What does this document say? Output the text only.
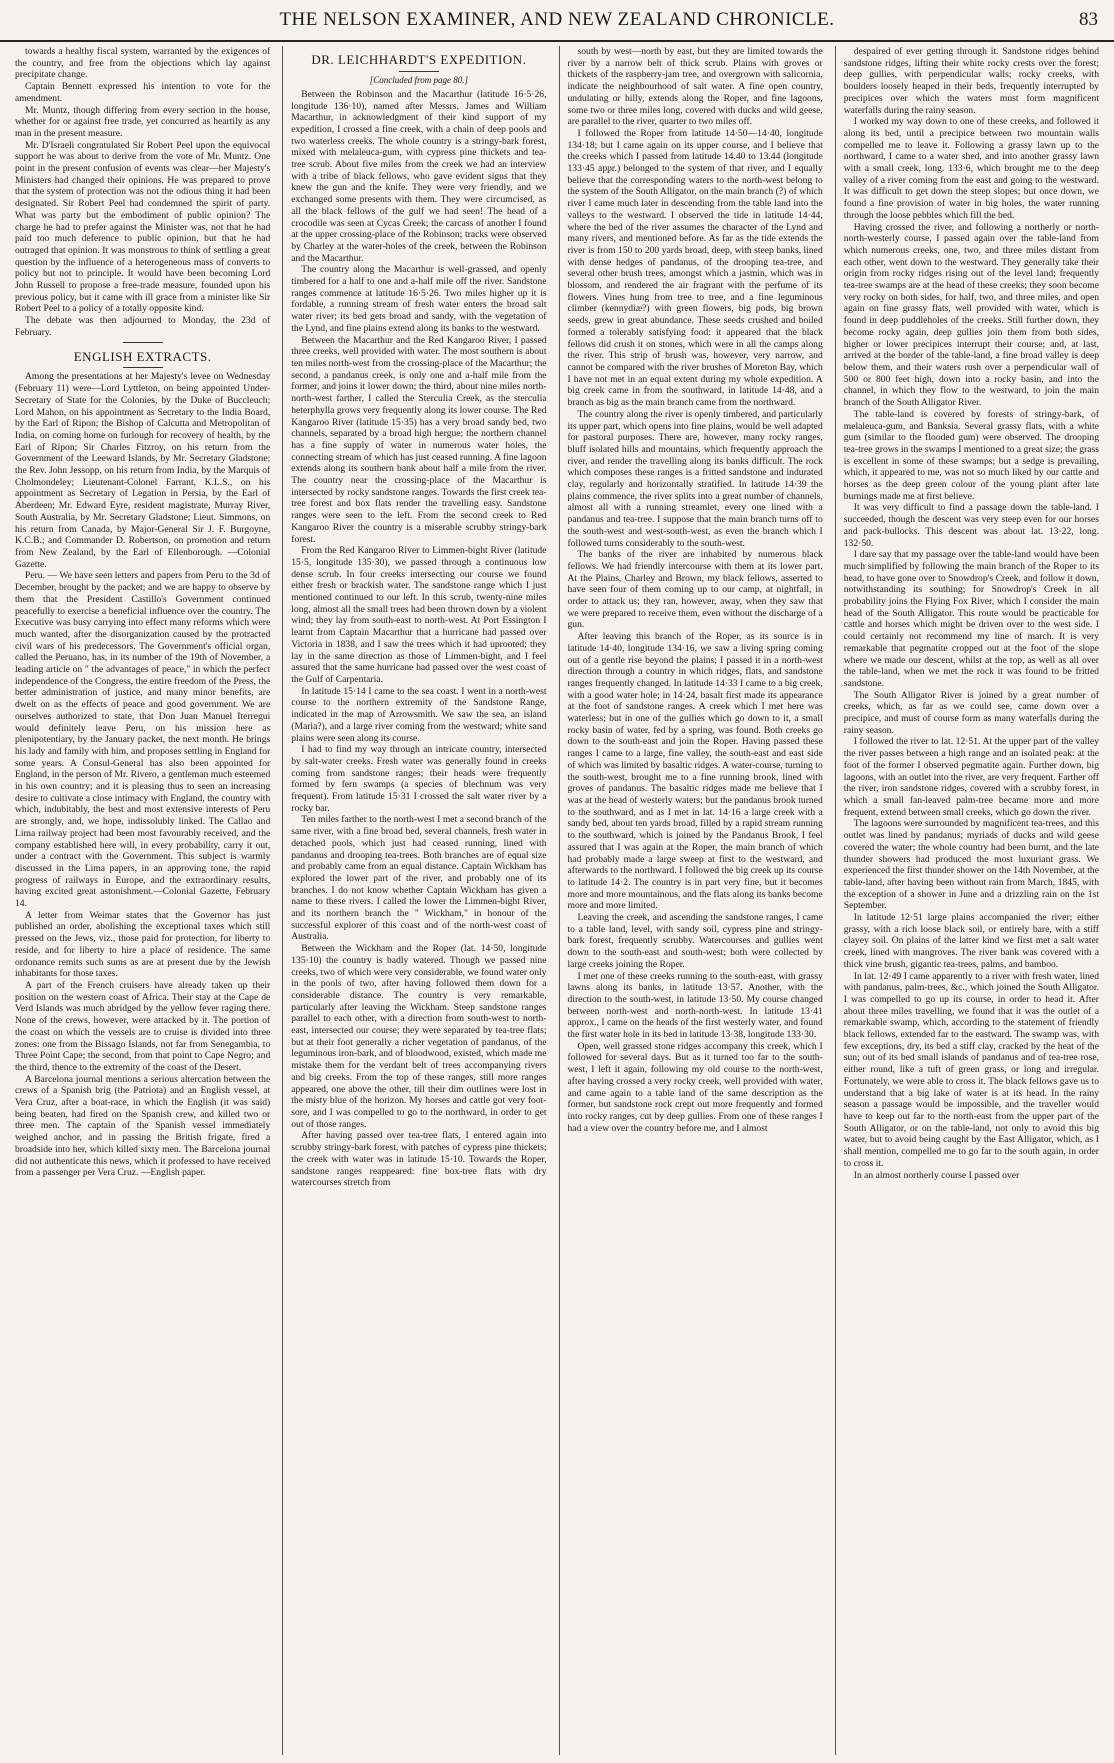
THE NELSON EXAMINER, AND NEW ZEALAND CHRONICLE.	83

towards a healthy fiscal system, warranted by the exigences of the country, and free from the objections which lay against precipitate change.

Captain Bennett expressed his intention to vote for the amendment.

Mr. Muntz, though differing from every section in the house, whether for or against free trade, yet concurred as heartily as any man in the present measure.

Mr. D'Israeli congratulated Sir Robert Peel upon the equivocal support he was about to derive from the vote of Mr. Muntz. One point in the present confusion of events was clear—her Majesty's Ministers had changed their opinions. He was prepared to prove that the system of protection was not the odious thing it had been designated. Sir Robert Peel had condemned the spirit of party. What was party but the embodiment of public opinion? The charge he had to prefer against the Minister was, not that he had paid too much deference to public opinion, but that he had outraged that opinion. It was monstrous to think of settling a great question by the influence of a heterogeneous mass of converts to policy but not to principle. It would have been becoming Lord John Russell to propose a free-trade measure, founded upon his previous policy, but it came with ill grace from a minister like Sir Robert Peel to a policy of a totally opposite kind.

The debate was then adjourned to Monday, the 23d of February.

ENGLISH EXTRACTS.

Among the presentations at her Majesty's levee on Wednesday (February 11) were—Lord Lyttleton, on being appointed Under-Secretary of State for the Colonies, by the Duke of Buccleuch; Lord Mahon, on his appointment as Secretary to the India Board, by the Earl of Ripon; the Bishop of Calcutta and Metropolitan of India, on coming home on furlough for recovery of health, by the Earl of Ripon; Sir Charles Fitzroy, on his return from the Government of the Leeward Islands, by Mr. Secretary Gladstone; the Rev. John Jessopp, on his return from India, by the Marquis of Cholmondeley; Lieutenant-Colonel Farrant, K.L.S., on his appointment as Secretary of Legation in Persia, by the Earl of Aberdeen; Mr. Edward Eyre, resident magistrate, Murray River, South Australia, by Mr. Secretary Gladstone; Lieut. Simmons, on his return from Canada, by Major-General Sir J. F. Burgoyne, K.C.B.; and Commander D. Robertson, on promotion and return from New Zealand, by the Earl of Ellenborough. —Colonial Gazette.

Peru. — We have seen letters and papers from Peru to the 3d of December, brought by the packet; and we are happy to observe by them that the President Castillo's Government continued peacefully to exercise a beneficial influence over the country. The Executive was busy carrying into effect many reforms which were much wanted, after the disorganization caused by the protracted civil wars of his predecessors. The Government's official organ, called the Peruano, has, in its number of the 19th of November, a leading article on " the advantages of peace," in which the perfect independence of the Congress, the entire freedom of the Press, the better administration of justice, and many minor benefits, are dwelt on as the effects of peace and good government. We are ourselves authorized to state, that Don Juan Manuel Iterregui would definitely leave Peru, on his mission here as plenipotentiary, by the January packet, the next month. He brings his lady and family with him, and proposes settling in England for some years. A Consul-General has also been appointed for England, in the person of Mr. Rivero, a gentleman much esteemed in his own country; and it is pleasing thus to seen an increasing desire to cultivate a close intimacy with England, the country with which, indubitably, the best and most extensive interests of Peru are strongly, and, we hope, indissolubly linked. The Callao and Lima railway project had been most favourably received, and the company established here will, in every probability, carry it out, under a contract with the Government. This subject is warmly discussed in the Lima papers, in an approving tone, the rapid progress of railways in Europe, and the extraordinary results, having excited great astonishment.—Colonial Gazette, February 14.

A letter from Weimar states that the Governor has just published an order, abolishing the exceptional taxes which still pressed on the Jews, viz., those paid for protection, for liberty to reside, and for liberty to hire a place of residence. The same ordonance remits such sums as are at present due by the Jewish inhabitants for those taxes.

A part of the French cruisers have already taken up their position on the western coast of Africa. Their stay at the Cape de Verd Islands was much abridged by the yellow fever raging there. None of the crews, however, were attacked by it. The portion of the coast on which the vessels are to cruise is divided into three zones: one from the Bissago Islands, not far from Senegambia, to Three Point Cape; the second, from that point to Cape Negro; and the third, thence to the extremity of the coast of the Desert.

A Barcelona journal mentions a serious altercation between the crews of a Spanish brig (the Patriota) and an English vessel, at Vera Cruz, after a boat-race, in which the English (it was said) being beaten, had fired on the Spanish crew, and killed two or three men. The captain of the Spanish vessel immediately weighed anchor, and in passing the British frigate, fired a broadside into her, which killed sixty men. The Barcelona journal did not authenticate this news, which it professed to have received from a passenger per Vera Cruz. —English paper.

DR. LEICHHARDT'S EXPEDITION.
[Concluded from page 80.]

Between the Robinson and the Macarthur (latitude 16·5·26, longitude 136·10), named after Messrs. James and William Macarthur, in acknowledgment of their kind support of my expedition, I crossed a fine creek, with a chain of deep pools and two waterless creeks. The whole country is a stringy-bark forest, mixed with melaleuca-gum, with cypress pine thickets and tea-tree scrub. About five miles from the creek we had an interview with a tribe of black fellows, who gave evident signs that they knew the gun and the knife. They were very friendly, and we exchanged some presents with them. They were circumcised, as all the black fellows of the gulf we had seen! The head of a crocodile was seen at Cycas Creek; the carcass of another I found at the upper crossing-place of the Robinson; tracks were observed by Charley at the water-holes of the creek, between the Robinson and the Macarthur.

The country along the Macarthur is well-grassed, and openly timbered for a half to one and a-half mile off the river. Sandstone ranges commence at latitude 16·5·26. Two miles higher up it is fordable, a running stream of fresh water enters the broad salt water river; its bed gets broad and sandy, with the vegetation of the Lynd, and fine plains extend along its banks to the westward.

Between the Macarthur and the Red Kangaroo River, I passed three creeks, well provided with water. The most southern is about ten miles north-west from the crossing-place of the Macarthur; the second, a pandanus creek, is only one and a-half mile from the former, and joins it lower down; the third, about nine miles north-north-west farther, I called the Sterculia Creek, as the sterculia heterphylla grows very frequently along its lower course. The Red Kangaroo River (latitude 15·35) has a very broad sandy bed, two channels, separated by a broad high hergue; the northern channel has a fine supply of water in numerous water holes, the connecting stream of which has just ceased running. A fine lagoon extends along its southern bank about half a mile from the river. The country near the crossing-place of the Macarthur is intersected by rocky sandstone ranges. Towards the first creek tea-tree forest and box flats render the travelling easy. Sandstone ranges were seen to the left. From the second creek to Red Kangaroo River the country is a miserable scrubby stringy-bark forest.

From the Red Kangaroo River to Limmen-bight River (latitude 15·5, longitude 135·30), we passed through a continuous low dense scrub. In four creeks intersecting our course we found either fresh or brackish water. The sandstone range which I just mentioned continued to our left. In this scrub, twenty-nine miles long, almost all the small trees had been thrown down by a violent wind; they lay from south-east to north-west. At Port Essington I learnt from Captain Macarthur that a hurricane had passed over Victoria in 1838, and I saw the trees which it had uprooted; they lay in the same direction as those of Limmen-bight, and I feel assured that the same hurricane had passed over the west coast of the Gulf of Carpentaria.

In latitude 15·14 I came to the sea coast. I went in a north-west course to the northern extremity of the Sandstone Range, indicated in the map of Arrowsmith. We saw the sea, an island (Maria?), and a large river coming from the westward; white sand plains were seen along its course.

I had to find my way through an intricate country, intersected by salt-water creeks. Fresh water was generally found in creeks coming from sandstone ranges; their heads were frequently formed by fern swamps (a species of blechnum was very frequent). From latitude 15·31 I crossed the salt water river by a rocky bar.

Ten miles farther to the north-west I met a second branch of the same river, with a fine broad bed, several channels, fresh water in detached pools, which just had ceased running, lined with pandanus and drooping tea-trees. Both branches are of equal size and probably came from an equal distance. Captain Wickham has explored the lower part of the river, and probably one of its branches. I do not know whether Captain Wickham has given a name to these rivers. I called the lower the Limmen-bight River, and its northern branch the " Wickham," in honour of the successful explorer of this coast and of the north-west coast of Australia.

Between the Wickham and the Roper (lat. 14·50, longitude 135·10) the country is badly watered. Though we passed nine creeks, two of which were very considerable, we found water only in the pools of two, after having followed them down for a considerable distance. The country is very remarkable, particularly after leaving the Wickham. Steep sandstone ranges parallel to each other, with a direction from south-west to north-east, intersected our course; they were separated by tea-tree flats; but at their foot generally a richer vegetation of pandanus, of the leguminous iron-bark, and of bloodwood, existed, which made me mistake them for the verdant belt of trees accompanying rivers and big creeks. From the top of these ranges, still more ranges appeared, one above the other, till their dim outlines were lost in the misty blue of the horizon. My horses and cattle got very foot-sore, and I was compelled to go to the northward, in order to get out of those ranges.

After having passed over tea-tree flats, I entered again into scrubby stringy-bark forest, with patches of cypress pine thickets; the creek with water was in latitude 15·10. Towards the Roper, sandstone ranges reappeared: fine box-tree flats with dry watercourses stretch from

south by west—north by east, but they are limited towards the river by a narrow belt of thick scrub. Plains with groves or thickets of the raspberry-jam tree, and overgrown with salicornia, indicate the neighbourhood of salt water. A fine open country, undulating or hilly, extends along the Roper, and fine lagoons, some two or three miles long, covered with ducks and wild geese, are parallel to the river, quarter to two miles off.

I followed the Roper from latitude 14·50—14·40, longitude 134·18; but I came again on its upper course, and I believe that the creeks which I passed from latitude 14.40 to 13.44 (longitude 133·45 appr.) belonged to the system of that river, and I equally believe that the corresponding waters to the north-west belong to the system of the South Alligator, on the main branch (?) of which river I came much later in descending from the table land into the valleys to the westward. I observed the tide in latitude 14·44, where the bed of the river assumes the character of the Lynd and many rivers, and mentioned before. As far as the tide extends the river is from 150 to 200 yards broad, deep, with steep banks, lined with dense hedges of pandanus, of the drooping tea-tree, and several other brush trees, amongst which a jasmin, which was in blossom, and rendered the air fragrant with the perfume of its flowers. Vines hung from tree to tree, and a fine leguminous climber (kennydiæ?) with green flowers, big pods, big brown seeds, grew in great abundance. These seeds crushed and boiled formed a tolerably satisfying food: it appeared that the black fellows did crush it on stones, which were in all the camps along the river. This strip of brush was, however, very narrow, and cannot be compared with the river brushes of Moreton Bay, which I have not met in an equal extent during my whole expedition. A big creek came in from the southward, in latitude 14·48, and a branch as big as the main branch came from the northward.

The country along the river is openly timbered, and particularly its upper part, which opens into fine plains, would be well adapted for pastoral purposes. There are, however, many rocky ranges, bluff isolated hills and mountains, which frequently approach the river, and render the travelling along its banks difficult. The rock which composes these ranges is a fritted sandstone and indurated clay, regularly and horizontally stratified. In latitude 14·39 the plains commence, the river splits into a great number of channels, almost all with a running streamlet, every one lined with a pandanus and tea-tree. I suppose that the main branch turns off to the south-west and west-south-west, as even the branch which I followed turns considerably to the south-west.

The banks of the river are inhabited by numerous black fellows. We had friendly intercourse with them at its lower part. At the Plains, Charley and Brown, my black fellows, asserted to have seen four of them coming up to our camp, at nightfall, in order to attack us; they ran, however, away, when they saw that we were prepared to receive them, even without the discharge of a gun.

After leaving this branch of the Roper, as its source is in latitude 14·40, longitude 134·16, we saw a living spring coming out of a gentle rise beyond the plains; I passed it in a north-west direction through a country in which ridges, flats, and sandstone ranges frequently changed. In latitude 14·33 I came to a big creek, with a good water hole; in 14·24, basalt first made its appearance at the foot of sandstone ranges. A creek which I met here was waterless; but in one of the gullies which go down to it, a small rocky basin of water, fed by a spring, was found. Both creeks go down to the south-east and join the Roper. Having passed these ranges I came to a large, fine valley, the south-east and east side of which was limited by basaltic ridges. A water-course, turning to the south-west, brought me to a fine running brook, lined with groves of pandanus. The basaltic ridges made me believe that I was at the head of westerly waters; but the pandanus brook turned to the southward, and as I met in lat. 14·16 a large creek with a sandy bed, about ten yards broad, filled by a rapid stream running to the southward, which is joined by the Pandanus Brook, I feel assured that I was again at the Roper, the main branch of which had probably made a large sweep at first to the westward, and afterwards to the northward. I followed the big creek up its course to latitude 14·2. The country is in part very fine, but it becomes more and more mountainous, and the flats along its banks become more and more limited.

Leaving the creek, and ascending the sandstone ranges, I came to a table land, level, with sandy soil, cypress pine and stringy-bark forest, frequently scrubby. Watercourses and gullies went down to the south-east and south-west; both were collected by large creeks joining the Roper.

I met one of these creeks running to the south-east, with grassy lawns along its banks, in latitude 13·57. Another, with the direction to the south-west, in latitude 13·50. My course changed between north-west and north-north-west. In latitude 13·41 approx., I came on the heads of the first westerly water, and found the first water hole in its bed in latitude 13·38, longitude 133·30.

Open, well grassed stone ridges accompany this creek, which I followed for several days. But as it turned too far to the south-west, I left it again, following my old course to the north-west, after having crossed a very rocky creek, well provided with water, and came again to a table land of the same description as the former, but sandstone rock crept out more frequently and formed into rocky ranges, cut by deep gullies. From one of these ranges I had a view over the country before me, and I almost

despaired of ever getting through it. Sandstone ridges behind sandstone ridges, lifting their white rocky crests over the forest; deep gullies, with perpendicular walls; rocky creeks, with boulders loosely heaped in their beds, frequently interrupted by precipices over which the waters must form magnificent waterfalls during the rainy season.

I worked my way down to one of these creeks, and followed it along its bed, until a precipice between two mountain walls compelled me to leave it. Following a grassy lawn up to the northward, I came to a water shed, and into another grassy lawn with a small creek, long. 133·6, which brought me to the deep valley of a river coming from the east and going to the westward. It was difficult to get down the steep slopes; but once down, we found a fine provision of water in big holes, the water running through the loose pebbles which fill the bed.

Having crossed the river, and following a northerly or north-north-westerly course, I passed again over the table-land from which numerous creeks, one, two, and three miles distant from each other, went down to the westward. They generally take their origin from rocky ridges rising out of the level land; frequently tea-tree swamps are at the head of these creeks; they soon become very rocky on both sides, for half, two, and three miles, and open again on fine grassy flats, well provided with water, which is found in deep puddleholes of the creeks. Still further down, they become rocky again, deep gullies join them from both sides, higher or lower precipices interrupt their course; and, at last, arrived at the border of the table-land, a fine broad valley is deep below them, and their waters rush over a perpendicular wall of 500 or 800 feet high, down into a rocky basin, and into the channel, in which they flow to the westward, to join the main branch of the South Alligator River.

The table-land is covered by forests of stringy-bark, of melaleuca-gum, and Banksia. Several grassy flats, with a white gum (similar to the flooded gum) were observed. The drooping tea-tree grows in the swamps I mentioned to a great size; the grass is excellent in some of these swamps; but a sedge is prevailing, which, it appeared to me, was not so much liked by our cattle and horses as the deep green colour of the young plant after late burnings made me at first believe.

It was very difficult to find a passage down the table-land. I succeeded, though the descent was very steep even for our horses and pack-bullocks. This descent was about lat. 13·22, long. 132·50.

I dare say that my passage over the table-land would have been much simplified by following the main branch of the Roper to its head, to have gone over to Snowdrop's Creek, and follow it down, notwithstanding its southing; for Snowdrop's Creek in all probability joins the Flying Fox River, which I consider the main head of the South Alligator. This route would be practicable for cattle and horses which might be driven over to the west side. I could certainly not recommend my line of march. It is very remarkable that pegmatite cropped out at the foot of the slope where we made our descent, whilst at the top, as well as all over the table-land, when we met the rock it was found to be fritted sandstone.

The South Alligator River is joined by a great number of creeks, which, as far as we could see, came down over a precipice, and must of course form as many waterfalls during the rainy season.

I followed the river to lat. 12·51. At the upper part of the valley the river passes between a high range and an isolated peak: at the foot of the former I observed pegmatite again. Further down, big lagoons, with an outlet into the river, are very frequent. Farther off the river, iron sandstone ridges, covered with a scrubby forest, in which a small fan-leaved palm-tree became more and more frequent, extend between small creeks, which go down the river.

The lagoons were surrounded by magnificent tea-trees, and this outlet was lined by pandanus; myriads of ducks and wild geese covered the water; the whole country had been burnt, and the late thunder showers had produced the most luxuriant grass. We experienced the first thunder shower on the 14th November, at the table-land, after having been without rain from March, 1845, with the exception of a shower in June and a drizzling rain on the 1st September.

In latitude 12·51 large plains accompanied the river; either grassy, with a rich loose black soil, or entirely bare, with a stiff clayey soil. On plains of the latter kind we first met a salt water creek, lined with mangroves. The river bank was covered with a thick vine brush, gigantic tea-trees, palms, and bamboo.

In lat. 12·49 I came apparently to a river with fresh water, lined with pandanus, palm-trees, &c., which joined the South Alligator. I was compelled to go up its course, in order to head it. After about three miles travelling, we found that it was the outlet of a remarkable swamp, which, according to the statement of friendly black fellows, extended far to the eastward. The swamp was, with few exceptions, dry, its bed a stiff clay, cracked by the heat of the sun; out of its bed small islands of pandanus and of tea-tree rose, either round, like a tuft of green grass, or long and irregular. Fortunately, we were able to cross it. The black fellows gave us to understand that a big lake of water is at its head. In the rainy season a passage would be impossible, and the traveller would have to keep out far to the north-east from the upper part of the South Alligator, or on the table-land, not only to avoid this big water, but to avoid being caught by the East Alligator, which, as I shall mention, compelled me to go far to the south again, in order to cross it.

In an almost northerly course I passed over
